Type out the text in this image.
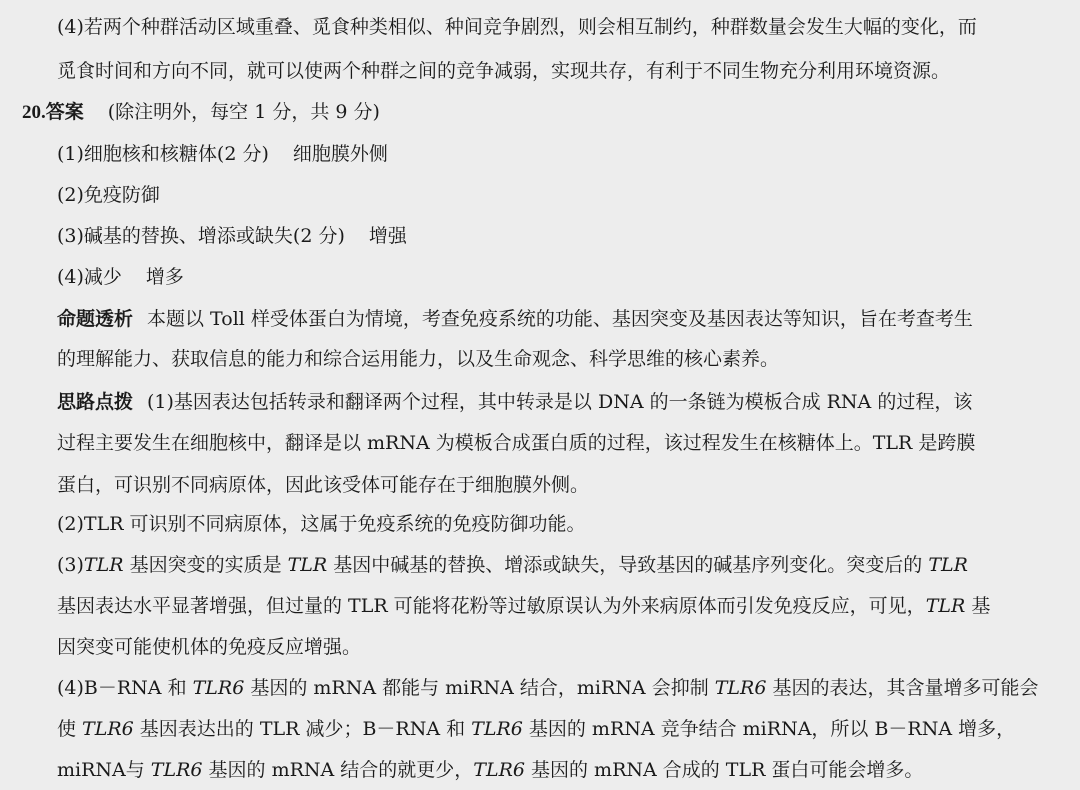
(4)若两个种群活动区域重叠、觅食种类相似、种间竞争剧烈，则会相互制约，种群数量会发生大幅的变化，而
觅食时间和方向不同，就可以使两个种群之间的竞争减弱，实现共存，有利于不同生物充分利用环境资源。
20.答案 (除注明外，每空 1 分，共 9 分)
(1)细胞核和核糖体(2 分) 细胞膜外侧
(2)免疫防御
(3)碱基的替换、增添或缺失(2 分) 增强
(4)减少 增多
命题透析 本题以 Toll 样受体蛋白为情境，考查免疫系统的功能、基因突变及基因表达等知识，旨在考查考生
的理解能力、获取信息的能力和综合运用能力，以及生命观念、科学思维的核心素养。
思路点拨 (1)基因表达包括转录和翻译两个过程，其中转录是以 DNA 的一条链为模板合成 RNA 的过程，该
过程主要发生在细胞核中，翻译是以 mRNA 为模板合成蛋白质的过程，该过程发生在核糖体上。TLR 是跨膜
蛋白，可识别不同病原体，因此该受体可能存在于细胞膜外侧。
(2)TLR 可识别不同病原体，这属于免疫系统的免疫防御功能。
(3)TLR 基因突变的实质是 TLR 基因中碱基的替换、增添或缺失，导致基因的碱基序列变化。突变后的 TLR
基因表达水平显著增强，但过量的 TLR 可能将花粉等过敏原误认为外来病原体而引发免疫反应，可见，TLR 基
因突变可能使机体的免疫反应增强。
(4)B－RNA 和 TLR6 基因的 mRNA 都能与 miRNA 结合，miRNA 会抑制 TLR6 基因的表达，其含量增多可能会
使 TLR6 基因表达出的 TLR 减少；B－RNA 和 TLR6 基因的 mRNA 竞争结合 miRNA，所以 B－RNA 增多，
miRNA与 TLR6 基因的 mRNA 结合的就更少，TLR6 基因的 mRNA 合成的 TLR 蛋白可能会增多。
